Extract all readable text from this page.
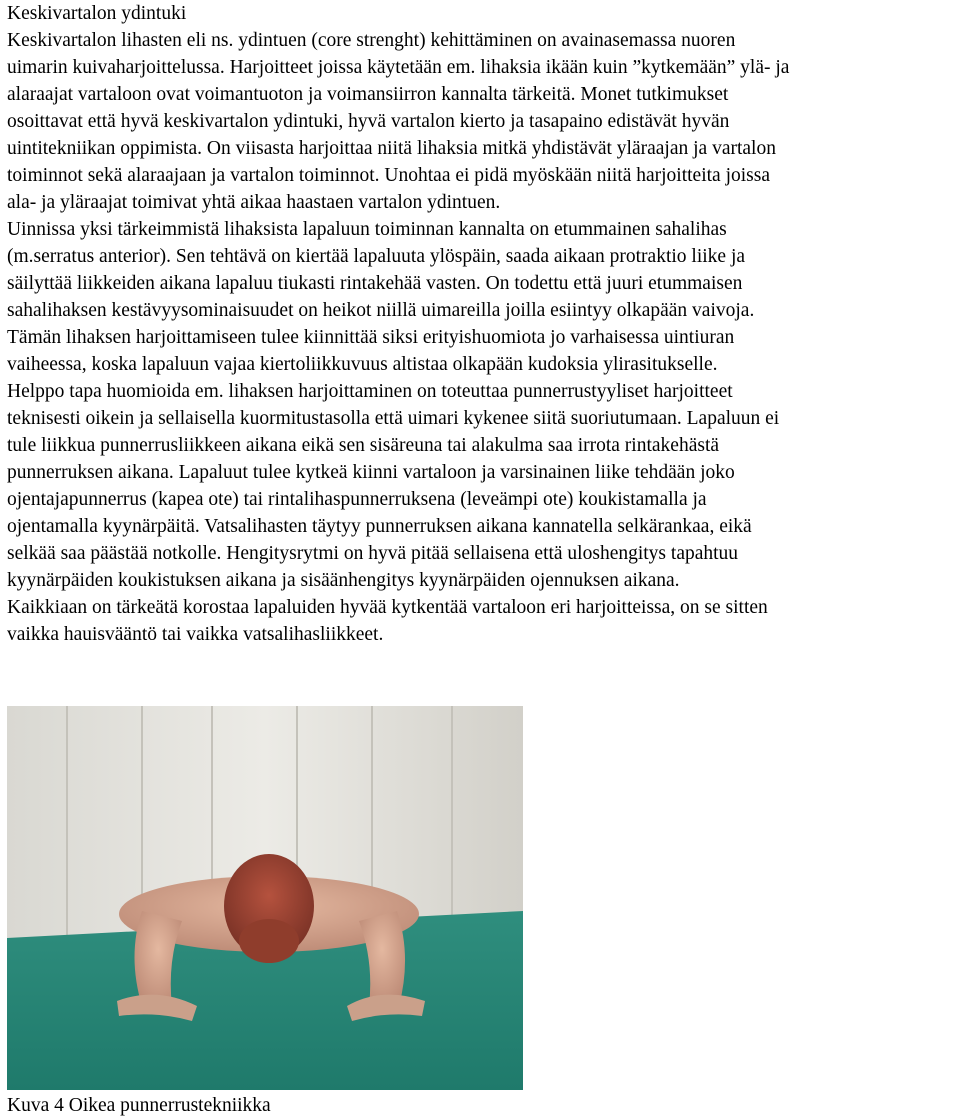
Keskivartalon ydintuki

Keskivartalon lihasten eli ns. ydintuen (core strenght) kehittäminen on avainasemassa nuoren
uimarin kuivaharjoittelussa. Harjoitteet joissa käytetään em. lihaksia ikään kuin ”kytkemään” ylä- ja
alaraajat vartaloon ovat voimantuoton ja voimansiirron kannalta tärkeitä. Monet tutkimukset
osoittavat että hyvä keskivartalon ydintuki, hyvä vartalon kierto ja tasapaino edistävät hyvän
uintitekniikan oppimista. On viisasta harjoittaa niitä lihaksia mitkä yhdistävät yläraajan ja vartalon
toiminnot sekä alaraajaan ja vartalon toiminnot. Unohtaa ei pidä myöskään niitä harjoitteita joissa
ala- ja yläraajat toimivat yhtä aikaa haastaen vartalon ydintuen.

Uinnissa yksi tärkeimmistä lihaksista lapaluun toiminnan kannalta on etummainen sahalihas
(m.serratus anterior). Sen tehtävä on kiertää lapaluuta ylöspäin, saada aikaan protraktio liike ja
säilyttää liikkeiden aikana lapaluu tiukasti rintakehää vasten. On todettu että juuri etummaisen
sahalihaksen kestävyysominaisuudet on heikot niillä uimareilla joilla esiintyy olkapään vaivoja.
Tämän lihaksen harjoittamiseen tulee kiinnittää siksi erityishuomiota jo varhaisessa uintiuran
vaiheessa, koska lapaluun vajaa kiertoliikkuvuus altistaa olkapään kudoksia ylirasitukselle.

Helppo tapa huomioida em. lihaksen harjoittaminen on toteuttaa punnerrustyyliset harjoitteet
teknisesti oikein ja sellaisella kuormitustasolla että uimari kykenee siitä suoriutumaan. Lapaluun ei
tule liikkua punnerrusliikkeen aikana eikä sen sisäreuna tai alakulma saa irrota rintakehästä
punnerruksen aikana. Lapaluut tulee kytkeä kiinni vartaloon ja varsinainen liike tehdään joko
ojentajapunnerrus (kapea ote) tai rintalihaspunnerruksena (leveämpi ote) koukistamalla ja
ojentamalla kyynärpäitä. Vatsalihasten täytyy punnerruksen aikana kannatella selkärankaa, eikä
selkää saa päästää notkolle. Hengitysrytmi on hyvä pitää sellaisena että uloshengitys tapahtuu
kyynärpäiden koukistuksen aikana ja sisäänhengitys kyynärpäiden ojennuksen aikana.

Kaikkiaan on tärkeätä korostaa lapaluiden hyvää kytkentää vartaloon eri harjoitteissa, on se sitten
vaikka hauisvääntö tai vaikka vatsalihasliikkeet.

Kuva 4 Oikea punnerrustekniikka
